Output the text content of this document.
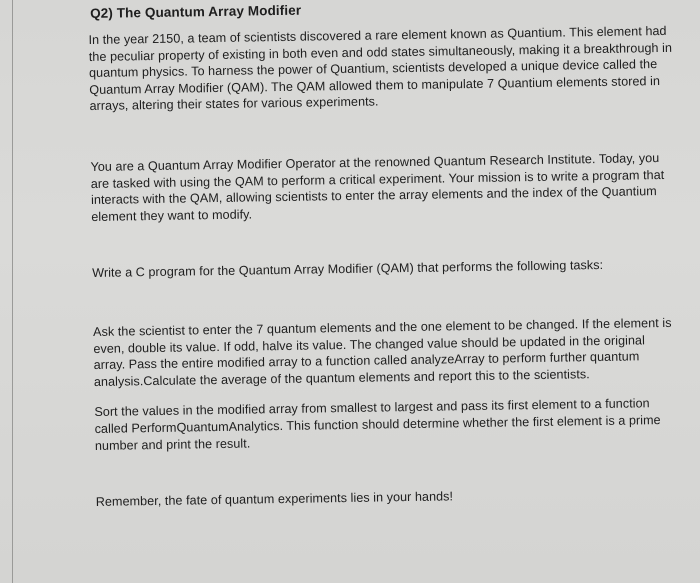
Q2) The Quantum Array Modifier

In the year 2150, a team of scientists discovered a rare element known as Quantium. This element had the peculiar property of existing in both even and odd states simultaneously, making it a breakthrough in quantum physics. To harness the power of Quantium, scientists developed a unique device called the Quantum Array Modifier (QAM). The QAM allowed them to manipulate 7 Quantium elements stored in arrays, altering their states for various experiments.

You are a Quantum Array Modifier Operator at the renowned Quantum Research Institute. Today, you are tasked with using the QAM to perform a critical experiment. Your mission is to write a program that interacts with the QAM, allowing scientists to enter the array elements and the index of the Quantium element they want to modify.

Write a C program for the Quantum Array Modifier (QAM) that performs the following tasks:

Ask the scientist to enter the 7 quantum elements and the one element to be changed. If the element is even, double its value. If odd, halve its value. The changed value should be updated in the original array. Pass the entire modified array to a function called analyzeArray to perform further quantum analysis.Calculate the average of the quantum elements and report this to the scientists.

Sort the values in the modified array from smallest to largest and pass its first element to a function called PerformQuantumAnalytics. This function should determine whether the first element is a prime number and print the result.

Remember, the fate of quantum experiments lies in your hands!
